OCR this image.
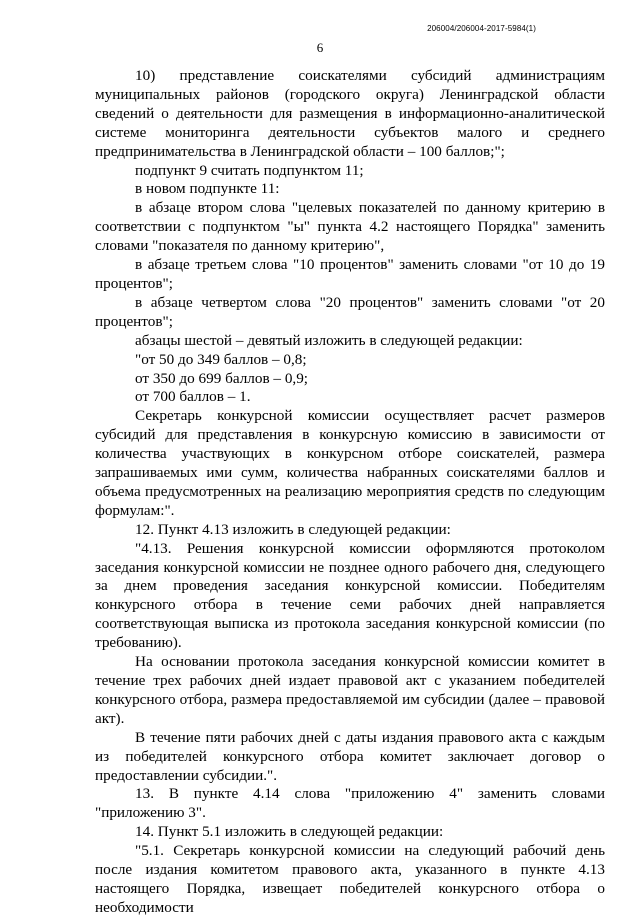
206004/206004-2017-5984(1)
6

10) представление соискателями субсидий администрациям муниципальных районов (городского округа) Ленинградской области сведений о деятельности для размещения в информационно-аналитической системе мониторинга деятельности субъектов малого и среднего предпринимательства в Ленинградской области – 100 баллов;";

подпункт 9 считать подпунктом 11;

в новом подпункте 11:

в абзаце втором слова "целевых показателей по данному критерию в соответствии с подпунктом "ы" пункта 4.2 настоящего Порядка" заменить словами "показателя по данному критерию",

в абзаце третьем слова "10 процентов" заменить словами "от 10 до 19 процентов";

в абзаце четвертом слова "20 процентов" заменить словами "от 20 процентов";

абзацы шестой – девятый изложить в следующей редакции:

"от 50 до 349 баллов – 0,8;

от 350 до 699 баллов – 0,9;

от 700 баллов – 1.

Секретарь конкурсной комиссии осуществляет расчет размеров субсидий для представления в конкурсную комиссию в зависимости от количества участвующих в конкурсном отборе соискателей, размера запрашиваемых ими сумм, количества набранных соискателями баллов и объема предусмотренных на реализацию мероприятия средств по следующим формулам:".

12. Пункт 4.13 изложить в следующей редакции:

"4.13. Решения конкурсной комиссии оформляются протоколом заседания конкурсной комиссии не позднее одного рабочего дня, следующего за днем проведения заседания конкурсной комиссии. Победителям конкурсного отбора в течение семи рабочих дней направляется соответствующая выписка из протокола заседания конкурсной комиссии (по требованию).

На основании протокола заседания конкурсной комиссии комитет в течение трех рабочих дней издает правовой акт с указанием победителей конкурсного отбора, размера предоставляемой им субсидии (далее – правовой акт).

В течение пяти рабочих дней с даты издания правового акта с каждым из победителей конкурсного отбора комитет заключает договор о предоставлении субсидии.".

13. В пункте 4.14 слова "приложению 4" заменить словами "приложению 3".

14. Пункт 5.1 изложить в следующей редакции:

"5.1. Секретарь конкурсной комиссии на следующий рабочий день после издания комитетом правового акта, указанного в пункте 4.13 настоящего Порядка, извещает победителей конкурсного отбора о необходимости
